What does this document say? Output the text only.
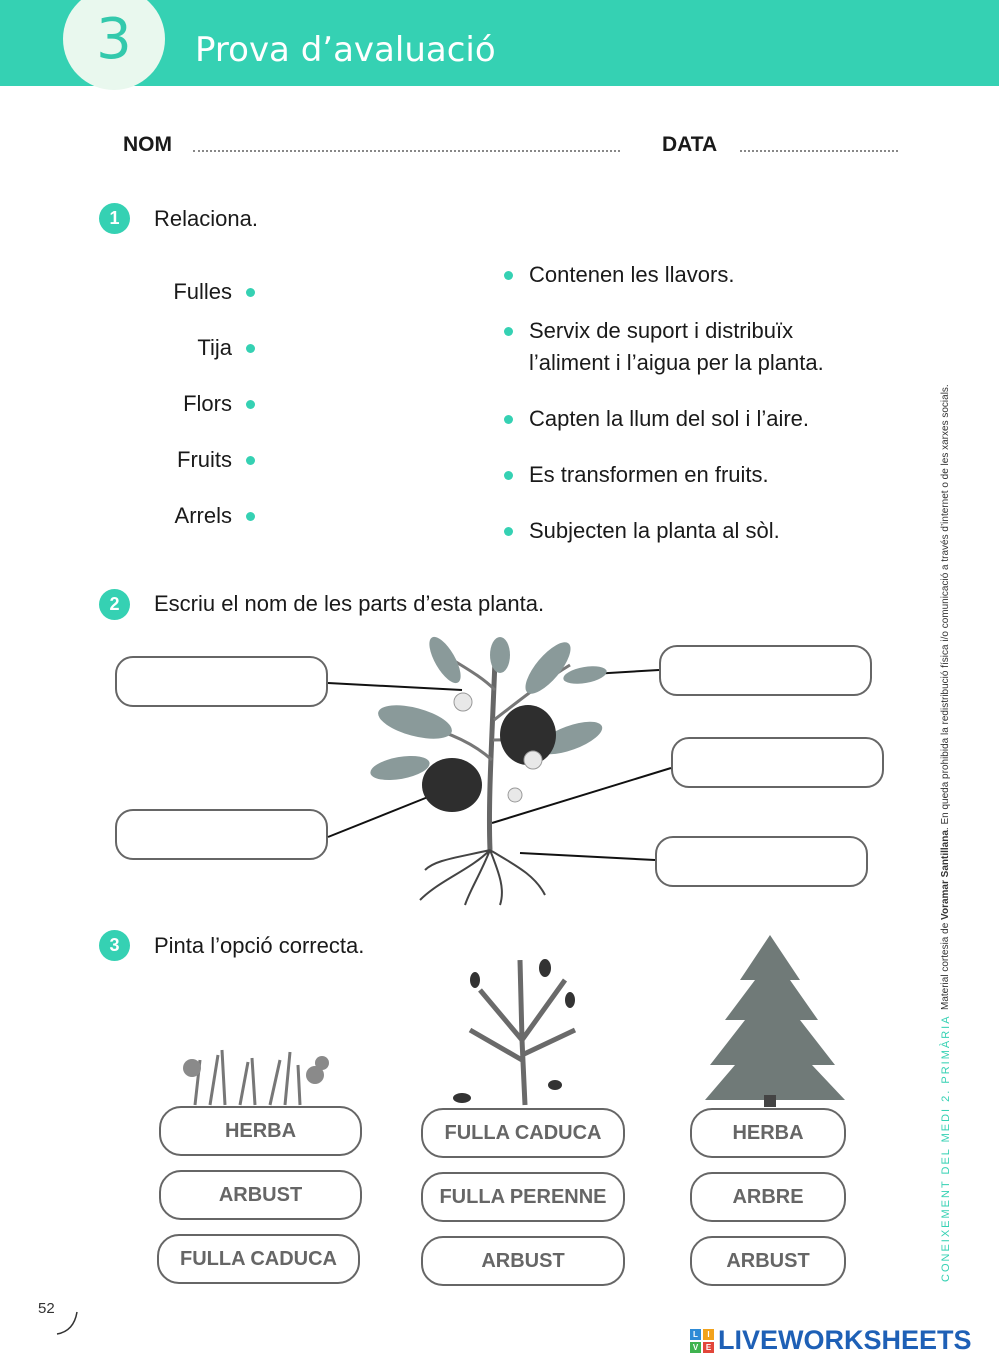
3 Prova d’avaluació
NOM	DATA
1	Relaciona.
Fulles
Tija
Flors
Fruits
Arrels
Contenen les llavors.
Servix de suport i distribuïx l’aliment i l’aigua per la planta.
Capten la llum del sol i l’aire.
Es transformen en fruits.
Subjecten la planta al sòl.
2	Escriu el nom de les parts d’esta planta.
3	Pinta l’opció correcta.
HERBA
ARBUST
FULLA CADUCA
FULLA CADUCA
FULLA PERENNE
ARBUST
HERBA
ARBRE
ARBUST
Material cortesia de Voramar Santillana. En queda prohibida la redistribució física i/o comunicació a través d’internet o de les xarxes socials.
CONEIXEMENT DEL MEDI 2. PRIMÀRIA
52
L	I
V E LIVEWORKSHEETS
